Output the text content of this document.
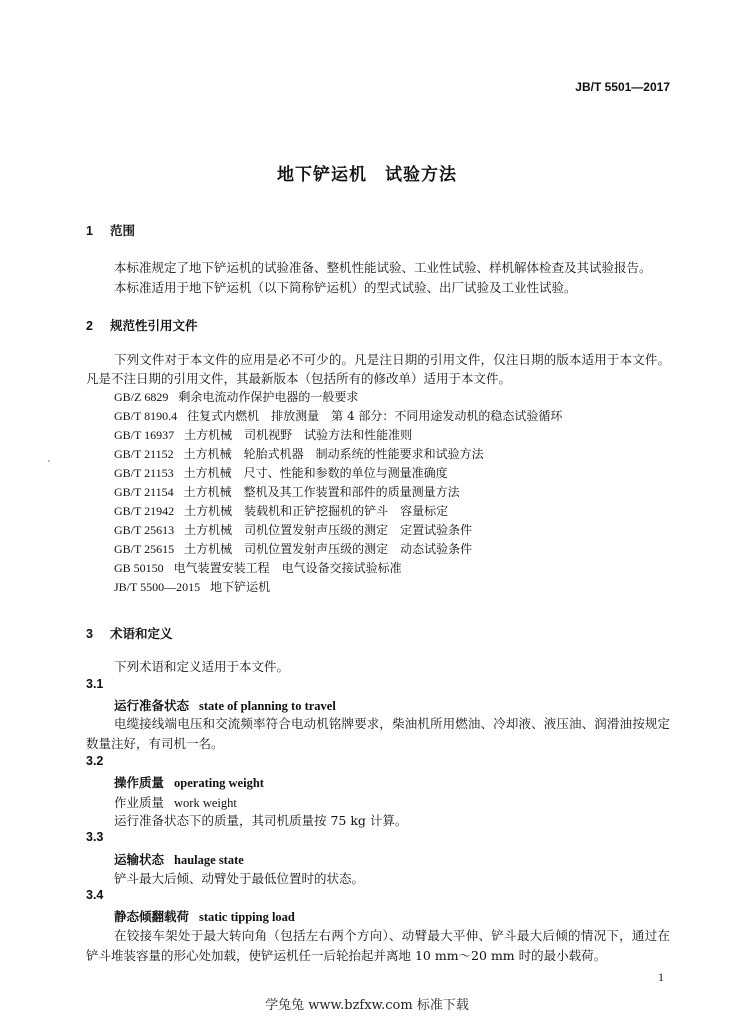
JB/T 5501—2017
地下铲运机　试验方法
1 范围
本标准规定了地下铲运机的试验准备、整机性能试验、工业性试验、样机解体检查及其试验报告。
本标准适用于地下铲运机（以下简称铲运机）的型式试验、出厂试验及工业性试验。
2 规范性引用文件
下列文件对于本文件的应用是必不可少的。凡是注日期的引用文件，仅注日期的版本适用于本文件。凡是不注日期的引用文件，其最新版本（包括所有的修改单）适用于本文件。
GB/Z 6829 剩余电流动作保护电器的一般要求
GB/T 8190.4 往复式内燃机　排放测量　第 4 部分：不同用途发动机的稳态试验循环
GB/T 16937 土方机械　司机视野　试验方法和性能准则
GB/T 21152 土方机械　轮胎式机器　制动系统的性能要求和试验方法
GB/T 21153 土方机械　尺寸、性能和参数的单位与测量准确度
GB/T 21154 土方机械　整机及其工作装置和部件的质量测量方法
GB/T 21942 土方机械　装载机和正铲挖掘机的铲斗　容量标定
GB/T 25613 土方机械　司机位置发射声压级的测定　定置试验条件
GB/T 25615 土方机械　司机位置发射声压级的测定　动态试验条件
GB 50150 电气装置安装工程　电气设备交接试验标准
JB/T 5500—2015 地下铲运机
3 术语和定义
下列术语和定义适用于本文件。
3.1
运行准备状态 state of planning to travel
电缆接线端电压和交流频率符合电动机铭牌要求，柴油机所用燃油、冷却液、液压油、润滑油按规定数量注好，有司机一名。
3.2
操作质量 operating weight
作业质量 work weight
运行准备状态下的质量，其司机质量按 75 kg 计算。
3.3
运输状态 haulage state
铲斗最大后倾、动臂处于最低位置时的状态。
3.4
静态倾翻载荷 static tipping load
在铰接车架处于最大转向角（包括左右两个方向）、动臂最大平伸、铲斗最大后倾的情况下，通过在铲斗堆装容量的形心处加载，使铲运机任一后轮抬起并离地 10 mm～20 mm 时的最小载荷。
1
学兔兔 www.bzfxw.com 标准下载
